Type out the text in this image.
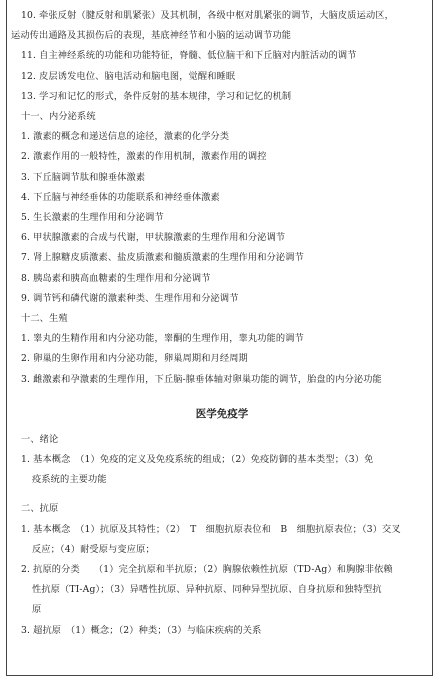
10. 牵张反射（腱反射和肌紧张）及其机制，各级中枢对肌紧张的调节，大脑皮质运动区，
运动传出通路及其损伤后的表现，基底神经节和小脑的运动调节功能
11. 自主神经系统的功能和功能特征，脊髓、低位脑干和下丘脑对内脏活动的调节
12. 皮层诱发电位、脑电活动和脑电图，觉醒和睡眠
13. 学习和记忆的形式，条件反射的基本规律，学习和记忆的机制
十一、内分泌系统
1. 激素的概念和递送信息的途径，激素的化学分类
2. 激素作用的一般特性，激素的作用机制，激素作用的调控
3. 下丘脑调节肽和腺垂体激素
4. 下丘脑与神经垂体的功能联系和神经垂体激素
5. 生长激素的生理作用和分泌调节
6. 甲状腺激素的合成与代谢，甲状腺激素的生理作用和分泌调节
7. 肾上腺糖皮质激素、盐皮质激素和髓质激素的生理作用和分泌调节
8. 胰岛素和胰高血糖素的生理作用和分泌调节
9. 调节钙和磷代谢的激素种类、生理作用和分泌调节
十二、生殖
1. 睾丸的生精作用和内分泌功能，睾酮的生理作用，睾丸功能的调节
2. 卵巢的生卵作用和内分泌功能，卵巢周期和月经周期
3. 雌激素和孕激素的生理作用，下丘脑-腺垂体轴对卵巢功能的调节，胎盘的内分泌功能
医学免疫学
一、绪论
1. 基本概念　（1）免疫的定义及免疫系统的组成；（2）免疫防御的基本类型；（3）免
疫系统的主要功能
二、抗原
1. 基本概念　（1）抗原及其特性；（2）　T　细胞抗原表位和　B　细胞抗原表位；（3）交叉
反应；（4）耐受原与变应原；
2. 抗原的分类　　（1）完全抗原和半抗原；（2）胸腺依赖性抗原（TD-Ag）和胸腺非依赖
性抗原（TI-Ag）；（3）异嗜性抗原、异种抗原、同种异型抗原、自身抗原和独特型抗
原
3. 超抗原　（1）概念；（2）种类；（3）与临床疾病的关系
